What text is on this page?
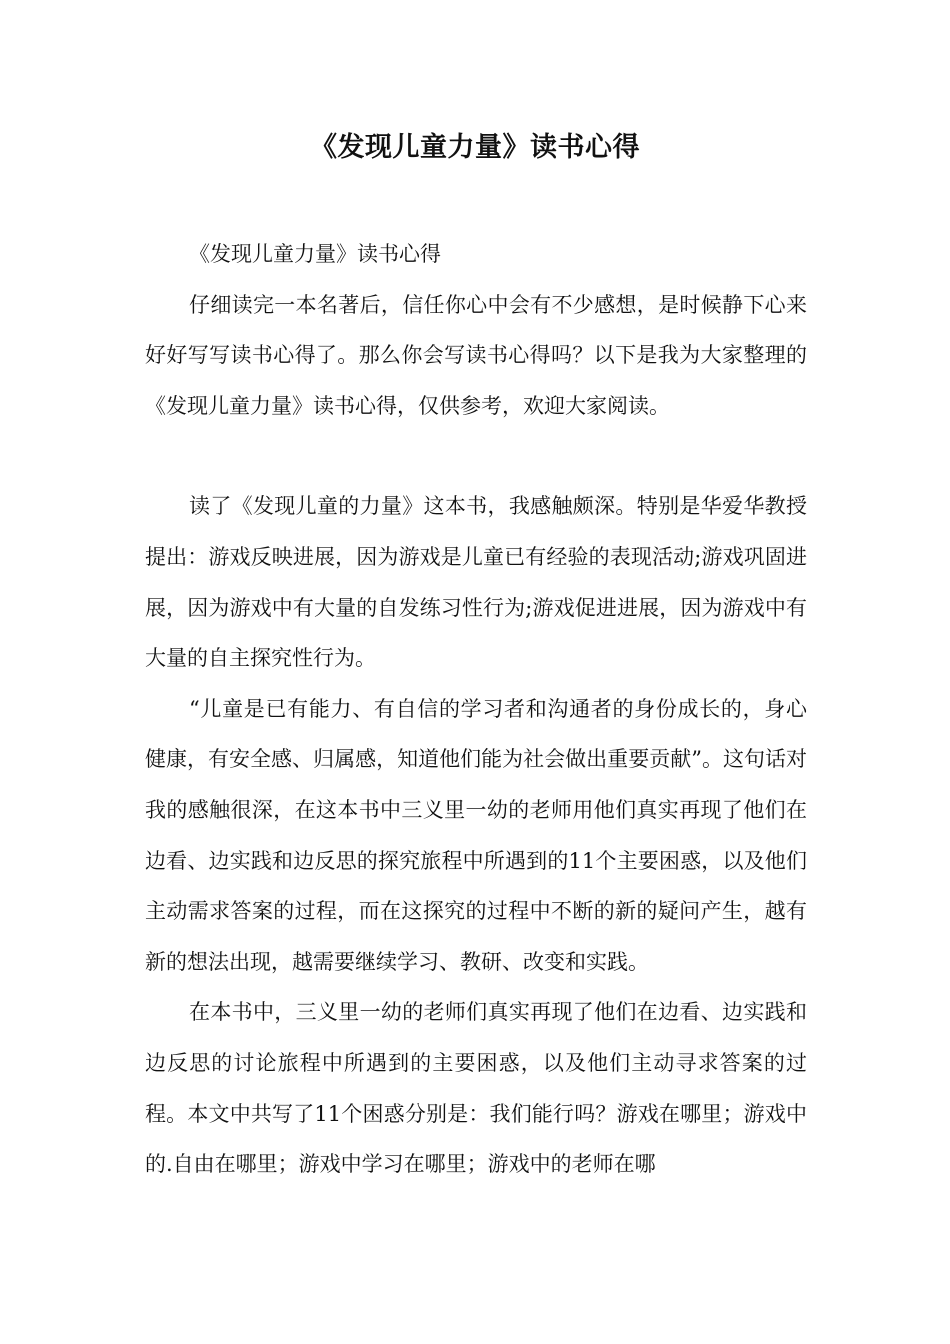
《发现儿童力量》读书心得

《发现儿童力量》读书心得

仔细读完一本名著后，信任你心中会有不少感想，是时候静下心来好好写写读书心得了。那么你会写读书心得吗？以下是我为大家整理的《发现儿童力量》读书心得，仅供参考，欢迎大家阅读。

读了《发现儿童的力量》这本书，我感触颇深。特别是华爱华教授提出：游戏反映进展，因为游戏是儿童已有经验的表现活动;游戏巩固进展，因为游戏中有大量的自发练习性行为;游戏促进进展，因为游戏中有大量的自主探究性行为。

“儿童是已有能力、有自信的学习者和沟通者的身份成长的，身心健康，有安全感、归属感，知道他们能为社会做出重要贡献”。这句话对我的感触很深，在这本书中三义里一幼的老师用他们真实再现了他们在边看、边实践和边反思的探究旅程中所遇到的11个主要困惑，以及他们主动需求答案的过程，而在这探究的过程中不断的新的疑问产生，越有新的想法出现，越需要继续学习、教研、改变和实践。

在本书中，三义里一幼的老师们真实再现了他们在边看、边实践和边反思的讨论旅程中所遇到的主要困惑，以及他们主动寻求答案的过程。本文中共写了11个困惑分别是：我们能行吗？游戏在哪里；游戏中的.自由在哪里；游戏中学习在哪里；游戏中的老师在哪
